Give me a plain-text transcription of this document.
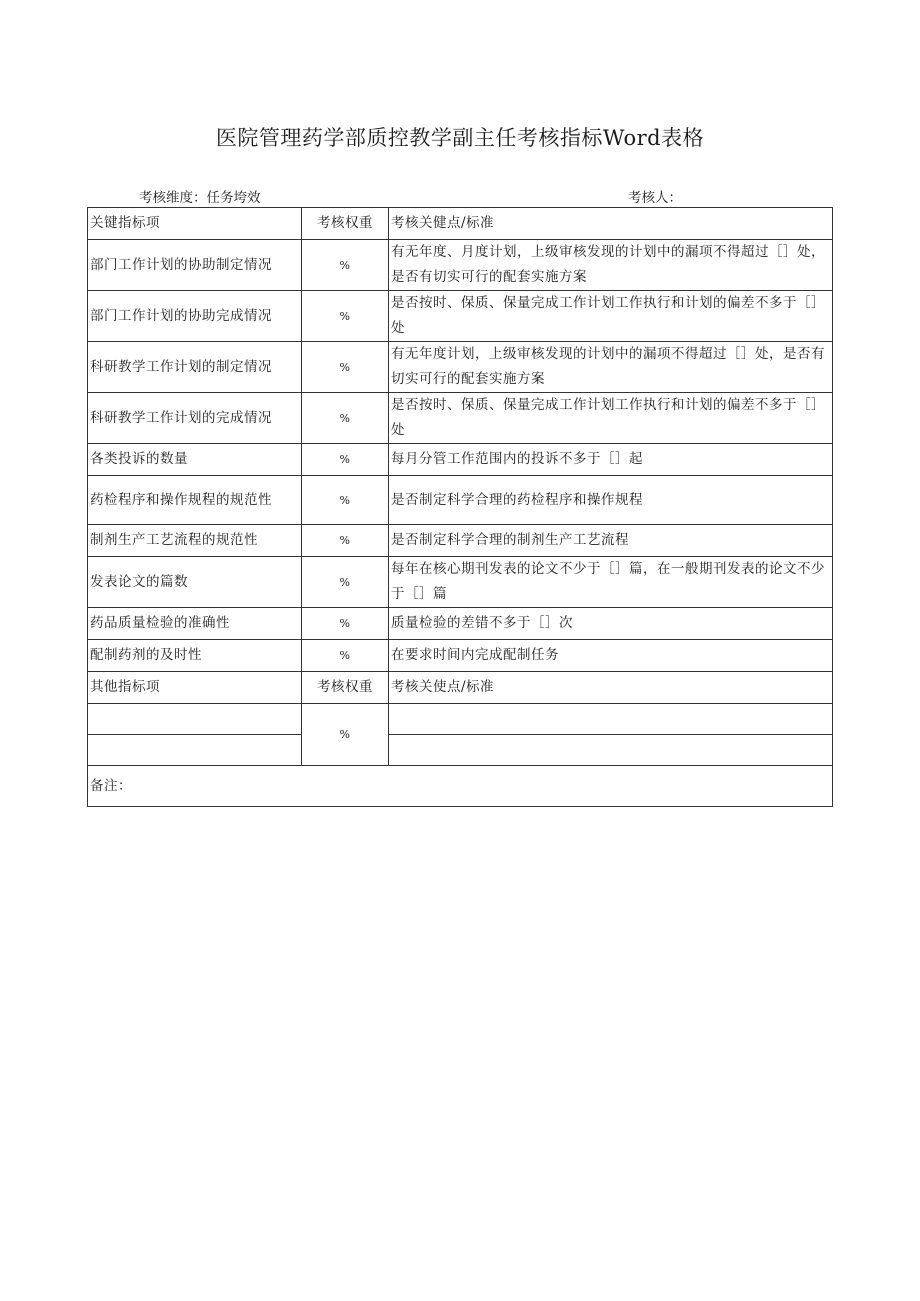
医院管理药学部质控教学副主任考核指标Word表格
考核维度：任务垮效	考核人：
关键指标项	考核权重	考核关健点/标准
部门工作计划的协助制定情况	%	有无年度、月度计划，上级审核发现的计划中的漏项不得超过［］处，是否有切实可行的配套实施方案
部门工作计划的协助完成情况	%	是否按时、保质、保量完成工作计划工作执行和计划的偏差不多于［］处
科研教学工作计划的制定情况	%	有无年度计划，上级审核发现的计划中的漏项不得超过［］处，是否有切实可行的配套实施方案
科研教学工作计划的完成情况	%	是否按时、保质、保量完成工作计划工作执行和计划的偏差不多于［］处
各类投诉的数量	%	每月分管工作范围内的投诉不多于［］起
药检程序和操作规程的规范性	%	是否制定科学合理的药检程序和操作规程
制剂生产工艺流程的规范性	%	是否制定科学合理的制剂生产工艺流程
发表论文的篇数	%	每年在核心期刊发表的论文不少于［］篇，在一般期刊发表的论文不少于［］篇
药品质量检验的准确性	%	质量检验的差错不多于［］次
配制药剂的及时性	%	在要求时间内完成配制任务
其他指标项	考核权重	考核关使点/标准
	%	

备注：		
